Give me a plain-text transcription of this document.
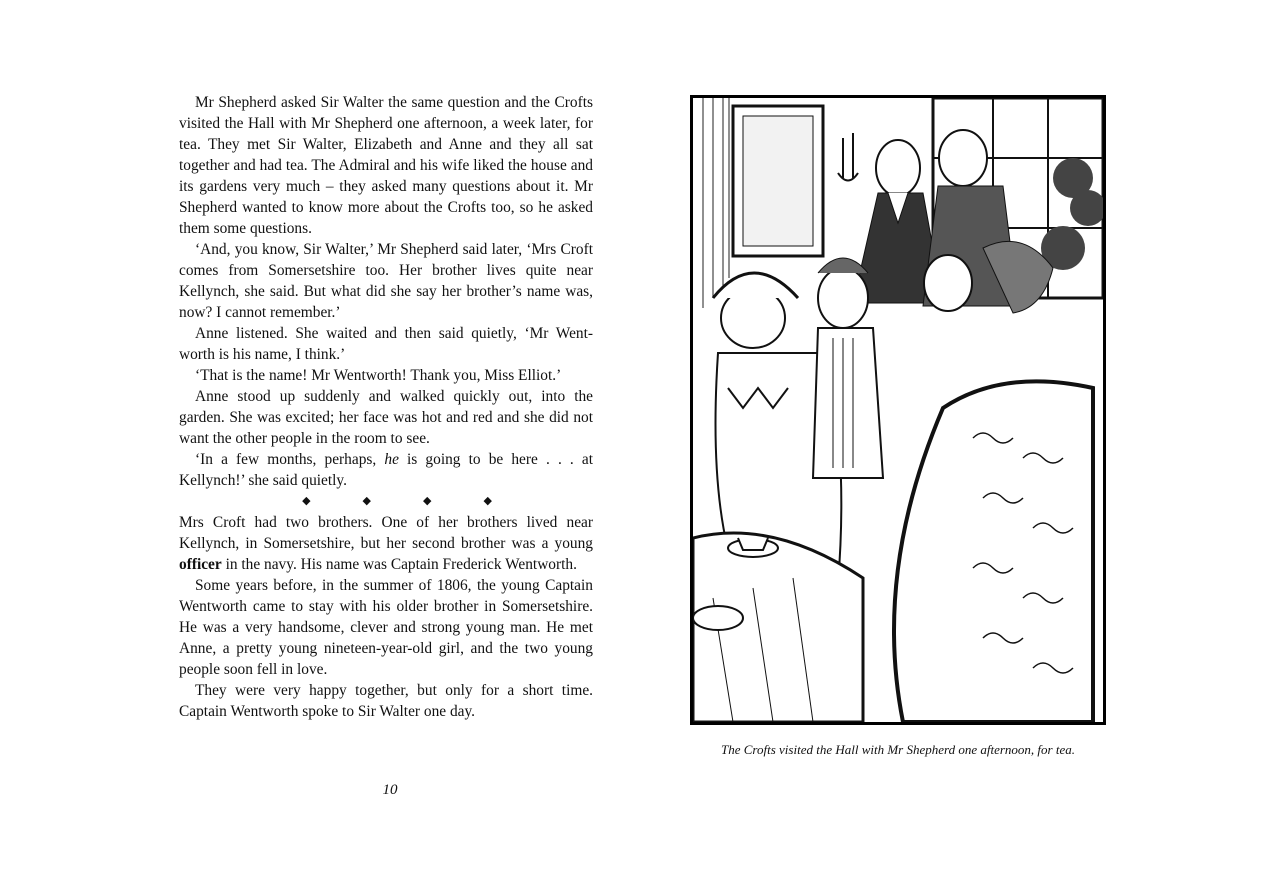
Mr Shepherd asked Sir Walter the same question and the Crofts visited the Hall with Mr Shepherd one afternoon, a week later, for tea. They met Sir Walter, Elizabeth and Anne and they all sat together and had tea. The Admiral and his wife liked the house and its gardens very much – they asked many questions about it. Mr Shepherd wanted to know more about the Crofts too, so he asked them some questions.

‘And, you know, Sir Walter,’ Mr Shepherd said later, ‘Mrs Croft comes from Somersetshire too. Her brother lives quite near Kellynch, she said. But what did she say her brother’s name was, now? I cannot remember.’

Anne listened. She waited and then said quietly, ‘Mr Went-worth is his name, I think.’

‘That is the name! Mr Wentworth! Thank you, Miss Elliot.’

Anne stood up suddenly and walked quickly out, into the garden. She was excited; her face was hot and red and she did not want the other people in the room to see.

‘In a few months, perhaps, he is going to be here . . . at Kellynch!’ she said quietly.

◆	◆	◆	◆

Mrs Croft had two brothers. One of her brothers lived near Kellynch, in Somersetshire, but her second brother was a young officer in the navy. His name was Captain Frederick Wentworth.

Some years before, in the summer of 1806, the young Captain Wentworth came to stay with his older brother in Somersetshire. He was a very handsome, clever and strong young man. He met Anne, a pretty young nineteen-year-old girl, and the two young people soon fell in love.

They were very happy together, but only for a short time. Captain Wentworth spoke to Sir Walter one day.

10
The Crofts visited the Hall with Mr Shepherd one afternoon, for tea.
